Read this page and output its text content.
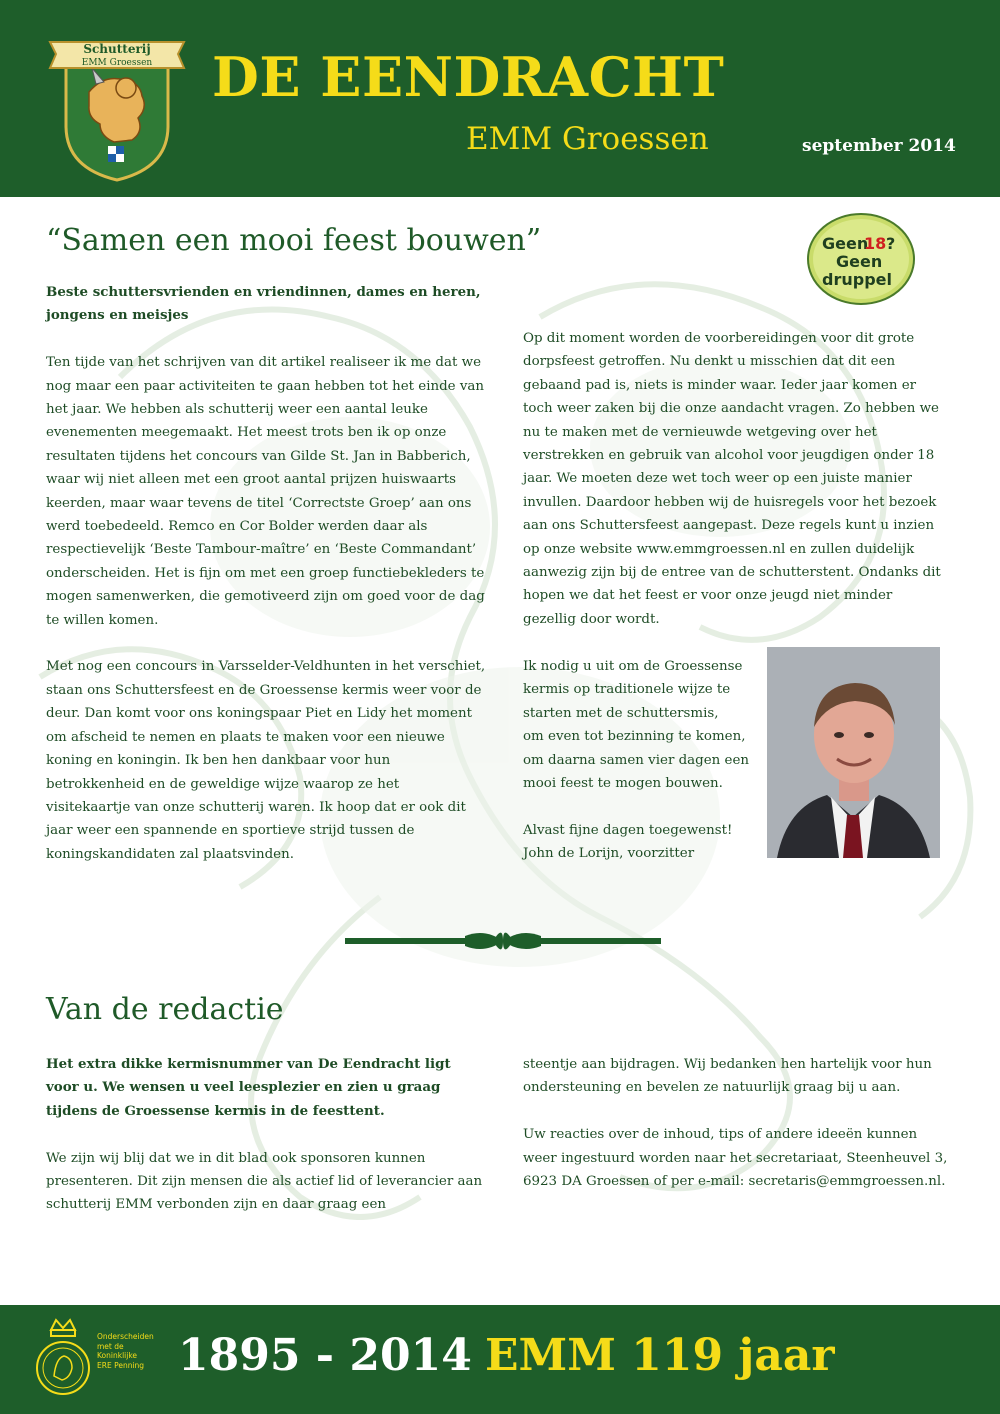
Schutterij
EMM Groessen DE EENDRACHT
EMM Groessen	september 2014
Geen
18 ?
Geen
druppel
“Samen een mooi feest bouwen”

Beste schuttersvrienden en vriendinnen, dames en heren, jongens en meisjes

Ten tijde van het schrijven van dit artikel realiseer ik me dat we nog maar een paar activiteiten te gaan hebben tot het einde van het jaar. We hebben als schutterij weer een aantal leuke evenementen meegemaakt. Het meest trots ben ik op onze resultaten tijdens het concours van Gilde St. Jan in Babberich, waar wij niet alleen met een groot aantal prijzen huiswaarts keerden, maar waar tevens de titel ‘Correctste Groep’ aan ons werd toebedeeld. Remco en Cor Bolder werden daar als respectievelijk ‘Beste Tambour-maître’ en ‘Beste Commandant’ onderscheiden. Het is fijn om met een groep functiebekleders te mogen samenwerken, die gemotiveerd zijn om goed voor de dag te willen komen.

Met nog een concours in Varsselder-Veldhunten in het verschiet, staan ons Schuttersfeest en de Groessense kermis weer voor de deur. Dan komt voor ons koningspaar Piet en Lidy het moment om afscheid te nemen en plaats te maken voor een nieuwe koning en koningin. Ik ben hen dankbaar voor hun betrokkenheid en de geweldige wijze waarop ze het visitekaartje van onze schutterij waren. Ik hoop dat er ook dit jaar weer een spannende en sportieve strijd tussen de koningskandidaten zal plaatsvinden.

Op dit moment worden de voorbereidingen voor dit grote dorpsfeest getroffen. Nu denkt u misschien dat dit een gebaand pad is, niets is minder waar. Ieder jaar komen er toch weer zaken bij die onze aandacht vragen. Zo hebben we nu te maken met de vernieuwde wetgeving over het verstrekken en gebruik van alcohol voor jeugdigen onder 18 jaar. We moeten deze wet toch weer op een juiste manier invullen. Daardoor hebben wij de huisregels voor het bezoek aan ons Schuttersfeest aangepast. Deze regels kunt u inzien op onze website www.emmgroessen.nl en zullen duidelijk aanwezig zijn bij de entree van de schutterstent. Ondanks dit hopen we dat het feest er voor onze jeugd niet minder gezellig door wordt.

Ik nodig u uit om de Groessense
kermis op traditionele wijze te
starten met de schuttersmis,
om even tot bezinning te komen,
om daarna samen vier dagen een
mooi feest te mogen bouwen.
Alvast fijne dagen toegewenst!
John de Lorijn, voorzitter
Van de redactie

Het extra dikke kermisnummer van De Eendracht ligt voor u. We wensen u veel leesplezier en zien u graag tijdens de Groessense kermis in de feesttent.

We zijn wij blij dat we in dit blad ook sponsoren kunnen presenteren. Dit zijn mensen die als actief lid of leverancier aan schutterij EMM verbonden zijn en daar graag een

steentje aan bijdragen. Wij bedanken hen hartelijk voor hun ondersteuning en bevelen ze natuurlijk graag bij u aan.

Uw reacties over de inhoud, tips of andere ideeën kunnen weer ingestuurd worden naar het secretariaat, Steenheuvel 3, 6923 DA Groessen of per e-mail: secretaris@emmgroessen.nl.

Onderscheiden
met de
Koninklijke
ERE Penning 1895 - 2014 EMM 119 jaar
